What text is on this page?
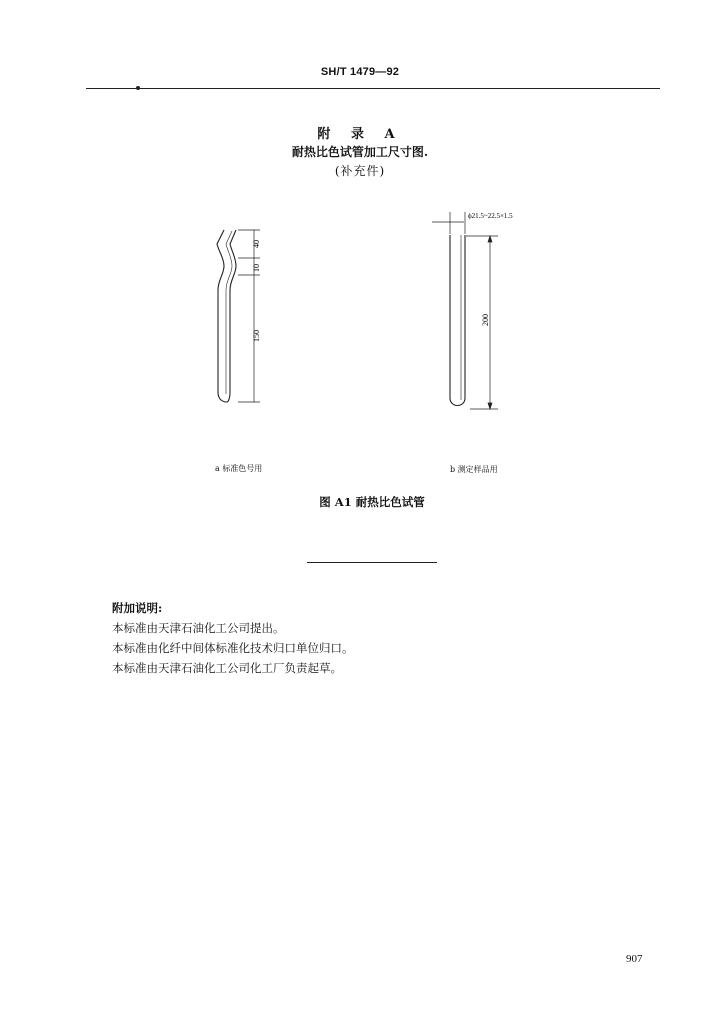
SH/T 1479—92
附 录 A
耐热比色试管加工尺寸图.
(补充件)
40
10
150
ϕ21.5~22.5×1.5
200
a 标准色号用	b 测定样品用
图 A1 耐热比色试管
附加说明:
本标准由天津石油化工公司提出。
本标准由化纤中间体标准化技术归口单位归口。
本标准由天津石油化工公司化工厂负责起草。
907
